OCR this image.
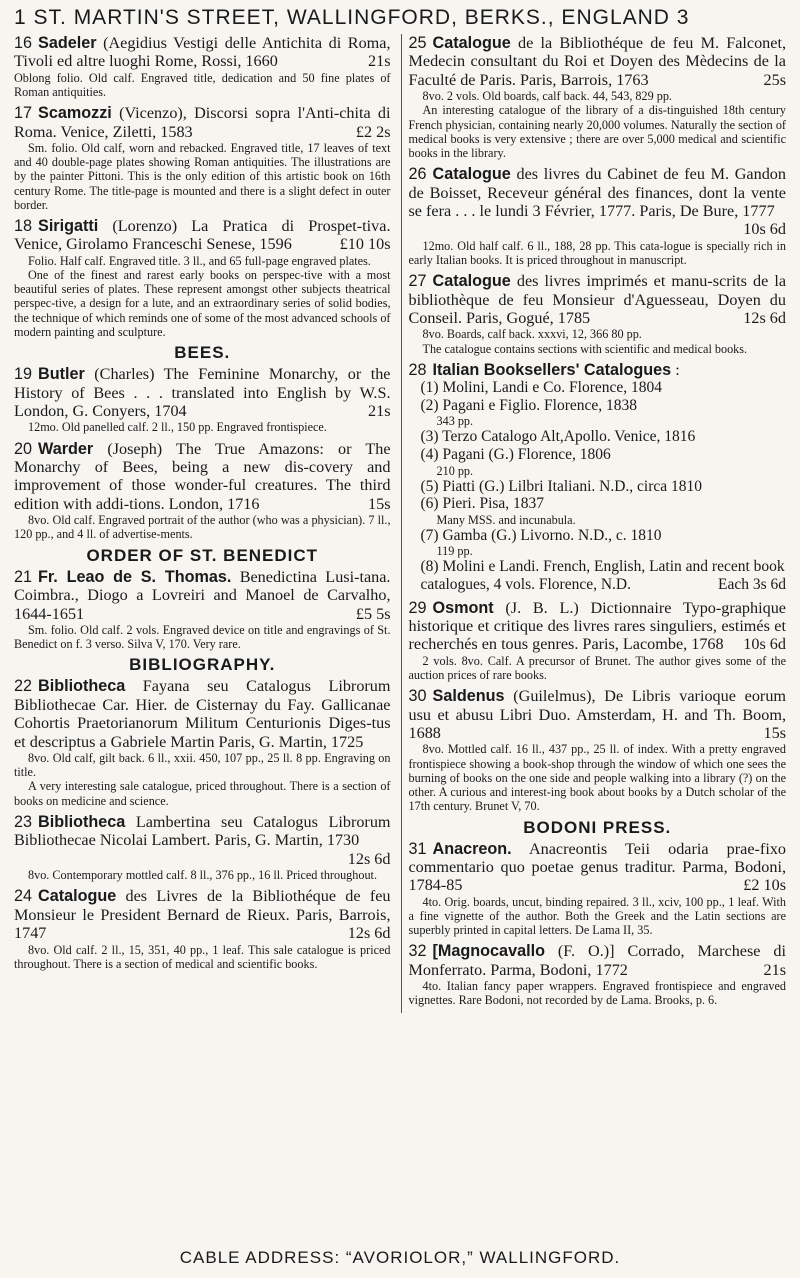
1 ST. MARTIN'S STREET, WALLINGFORD, BERKS., ENGLAND 3
16 Sadeler (Aegidius Vestigi delle Antichita di Roma, Tivoli ed altre luoghi Rome, Rossi, 1660	21s
Oblong folio. Old calf. Engraved title, dedication and 50 fine plates of Roman antiquities.
17 Scamozzi (Vicenzo), Discorsi sopra l'Anti-chita di Roma. Venice, Ziletti, 1583	£2 2s
Sm. folio. Old calf, worn and rebacked. Engraved title, 17 leaves of text and 40 double-page plates showing Roman antiquities. The illustrations are by the painter Pittoni. This is the only edition of this artistic book on 16th century Rome. The title-page is mounted and there is a slight defect in outer border.
18 Sirigatti (Lorenzo) La Pratica di Prospet-tiva. Venice, Girolamo Franceschi Senese, 1596	£10 10s
Folio. Half calf. Engraved title. 3 ll., and 65 full-page engraved plates.
One of the finest and rarest early books on perspec-tive with a most beautiful series of plates. These represent amongst other subjects theatrical perspec-tive, a design for a lute, and an extraordinary series of solid bodies, the technique of which reminds one of some of the most advanced schools of modern painting and sculpture.
BEES.
19 Butler (Charles) The Feminine Monarchy, or the History of Bees . . . translated into English by W.S. London, G. Conyers, 1704	21s
12mo. Old panelled calf. 2 ll., 150 pp. Engraved frontispiece.
20 Warder (Joseph) The True Amazons: or The Monarchy of Bees, being a new dis-covery and improvement of those wonder-ful creatures. The third edition with addi-tions. London, 1716	15s
8vo. Old calf. Engraved portrait of the author (who was a physician). 7 ll., 120 pp., and 4 ll. of advertise-ments.
ORDER OF ST. BENEDICT
21 Fr. Leao de S. Thomas. Benedictina Lusi-tana. Coimbra., Diogo a Lovreiri and Manoel de Carvalho, 1644-1651	£5 5s
Sm. folio. Old calf. 2 vols. Engraved device on title and engravings of St. Benedict on f. 3 verso. Silva V, 170. Very rare.
BIBLIOGRAPHY.
22 Bibliotheca Fayana seu Catalogus Librorum Bibliothecae Car. Hier. de Cisternay du Fay. Gallicanae Cohortis Praetorianorum Militum Centurionis Diges-tus et descriptus a Gabriele Martin Paris, G. Martin, 1725
8vo. Old calf, gilt back. 6 ll., xxii. 450, 107 pp., 25 ll. 8 pp. Engraving on title.
A very interesting sale catalogue, priced throughout. There is a section of books on medicine and science.
23 Bibliotheca Lambertina seu Catalogus Librorum Bibliothecae Nicolai Lambert. Paris, G. Martin, 1730
12s 6d
8vo. Contemporary mottled calf. 8 ll., 376 pp., 16 ll. Priced throughout.
24 Catalogue des Livres de la Bibliothéque de feu Monsieur le President Bernard de Rieux. Paris, Barrois, 1747	12s 6d
8vo. Old calf. 2 ll., 15, 351, 40 pp., 1 leaf. This sale catalogue is priced throughout. There is a section of medical and scientific books.
25 Catalogue de la Bibliothéque de feu M. Falconet, Medecin consultant du Roi et Doyen des Mèdecins de la Faculté de Paris. Paris, Barrois, 1763	25s
8vo. 2 vols. Old boards, calf back. 44, 543, 829 pp.
An interesting catalogue of the library of a dis-tinguished 18th century French physician, containing nearly 20,000 volumes. Naturally the section of medical books is very extensive ; there are over 5,000 medical and scientific books in the library.
26 Catalogue des livres du Cabinet de feu M. Gandon de Boisset, Receveur général des finances, dont la vente se fera . . . le lundi 3 Février, 1777. Paris, De Bure, 1777
10s 6d
12mo. Old half calf. 6 ll., 188, 28 pp. This cata-logue is specially rich in early Italian books. It is priced throughout in manuscript.
27 Catalogue des livres imprimés et manu-scrits de la bibliothèque de feu Monsieur d'Aguesseau, Doyen du Conseil. Paris, Gogué, 1785	12s 6d
8vo. Boards, calf back. xxxvi, 12, 366 80 pp.
The catalogue contains sections with scientific and medical books.
28 Italian Booksellers' Catalogues :
(1) Molini, Landi e Co. Florence, 1804
(2) Pagani e Figlio. Florence, 1838
343 pp.
(3) Terzo Catalogo Alt,Apollo. Venice, 1816
(4) Pagani (G.) Florence, 1806
210 pp.
(5) Piatti (G.) Lilbri Italiani. N.D., circa 1810
(6) Pieri. Pisa, 1837
Many MSS. and incunabula.
(7) Gamba (G.) Livorno. N.D., c. 1810
119 pp.
(8) Molini e Landi. French, English, Latin and recent book catalogues, 4 vols. Florence, N.D.	Each 3s 6d
29 Osmont (J. B. L.) Dictionnaire Typo-graphique historique et critique des livres rares singuliers, estimés et recherchés en tous genres. Paris, Lacombe, 1768 10s 6d
2 vols. 8vo. Calf. A precursor of Brunet. The author gives some of the auction prices of rare books.
30 Saldenus (Guilelmus), De Libris varioque eorum usu et abusu Libri Duo. Amsterdam, H. and Th. Boom, 1688	15s
8vo. Mottled calf. 16 ll., 437 pp., 25 ll. of index. With a pretty engraved frontispiece showing a book-shop through the window of which one sees the burning of books on the one side and people walking into a library (?) on the other. A curious and interest-ing book about books by a Dutch scholar of the 17th century. Brunet V, 70.
BODONI PRESS.
31 Anacreon. Anacreontis Teii odaria prae-fixo commentario quo poetae genus traditur. Parma, Bodoni, 1784-85	£2 10s
4to. Orig. boards, uncut, binding repaired. 3 ll., xciv, 100 pp., 1 leaf. With a fine vignette of the author. Both the Greek and the Latin sections are superbly printed in capital letters. De Lama II, 35.
32 [Magnocavallo (F. O.)] Corrado, Marchese di Monferrato. Parma, Bodoni, 1772	21s
4to. Italian fancy paper wrappers. Engraved frontispiece and engraved vignettes. Rare Bodoni, not recorded by de Lama. Brooks, p. 6.
CABLE ADDRESS: “AVORIOLOR,” WALLINGFORD.
